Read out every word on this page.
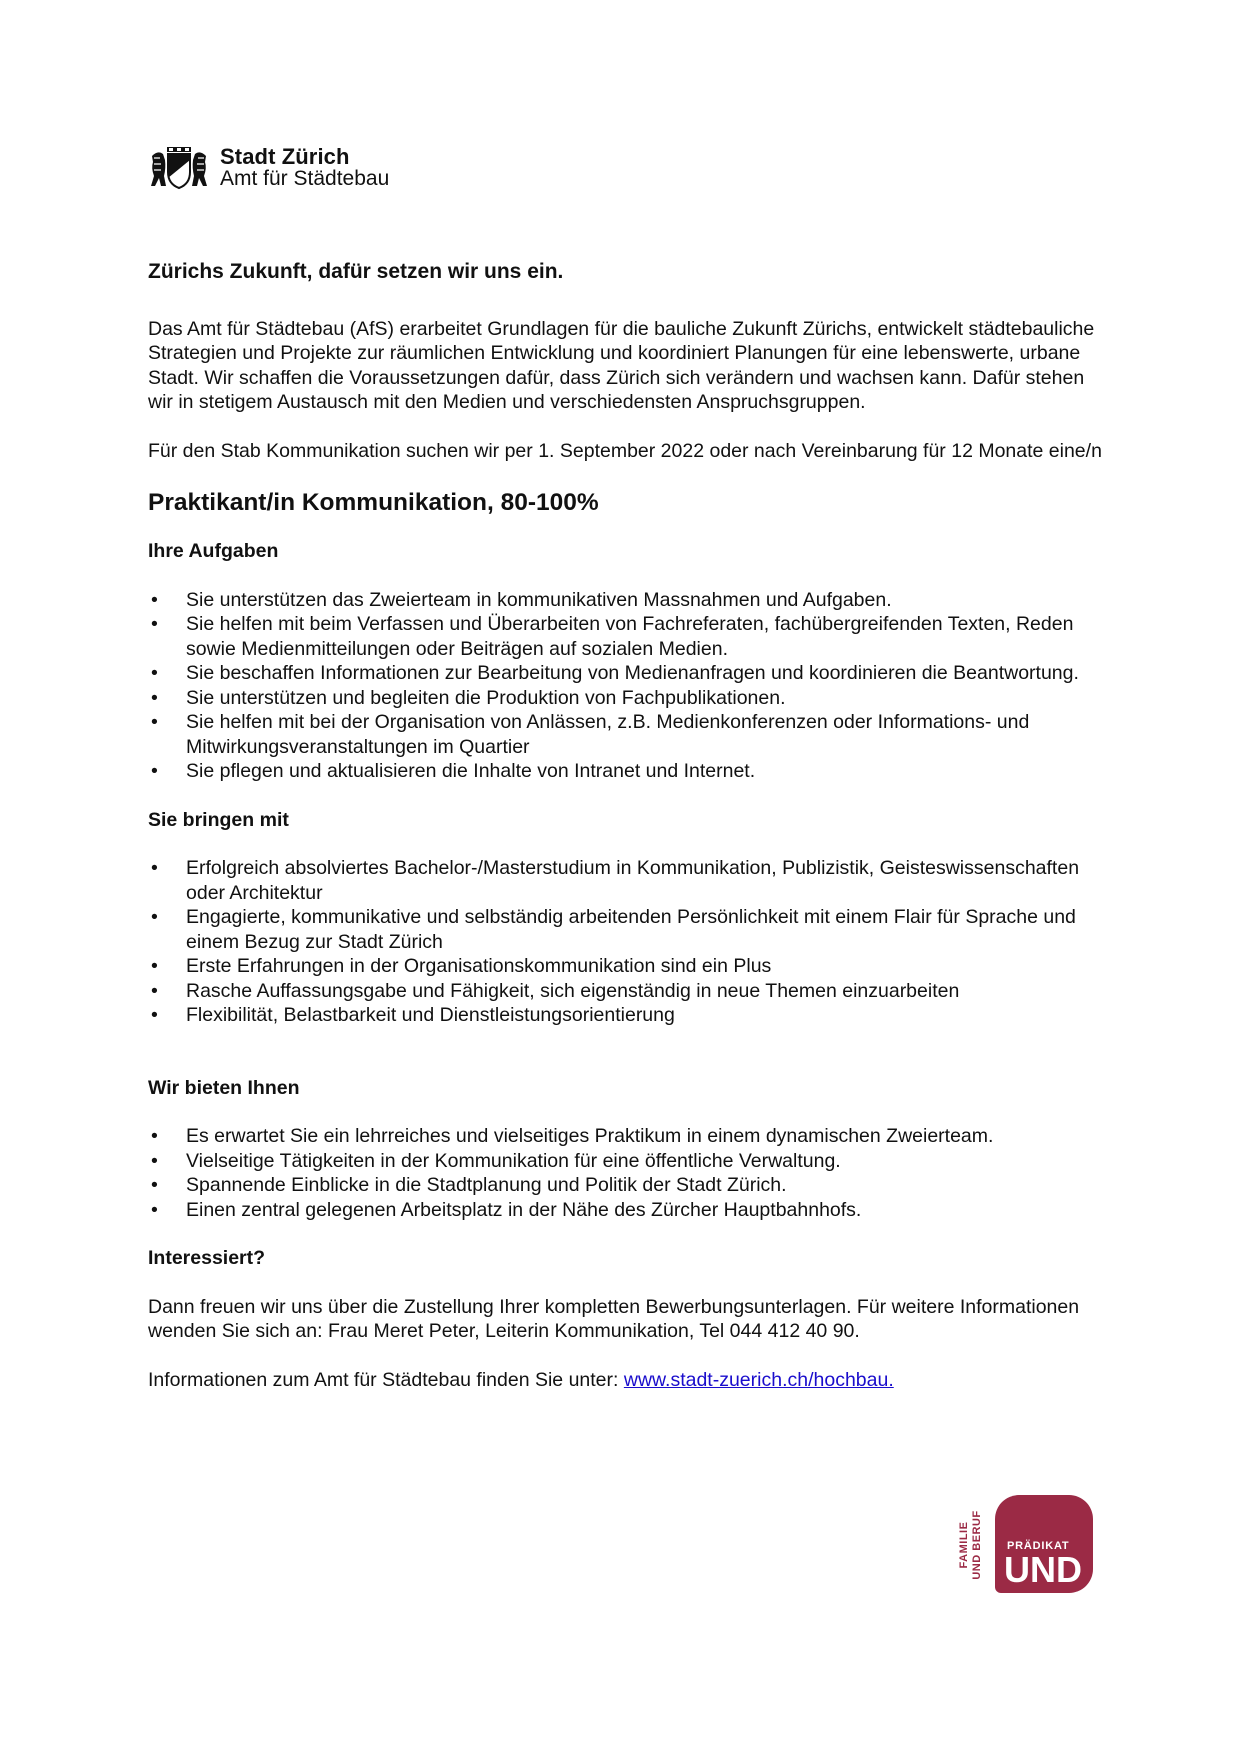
Stadt Zürich
Amt für Städtebau
Zürichs Zukunft, dafür setzen wir uns ein.

Das Amt für Städtebau (AfS) erarbeitet Grundlagen für die bauliche Zukunft Zürichs, entwickelt städtebauliche Strategien und Projekte zur räumlichen Entwicklung und koordiniert Planungen für eine lebenswerte, urbane Stadt. Wir schaffen die Voraussetzungen dafür, dass Zürich sich verändern und wachsen kann. Dafür stehen wir in stetigem Austausch mit den Medien und verschiedensten Anspruchsgruppen.

Für den Stab Kommunikation suchen wir per 1. September 2022 oder nach Vereinbarung für 12 Monate eine/n

Praktikant/in Kommunikation, 80-100%
Ihre Aufgaben
• Sie unterstützen das Zweierteam in kommunikativen Massnahmen und Aufgaben.
• Sie helfen mit beim Verfassen und Überarbeiten von Fachreferaten, fachübergreifenden Texten, Reden sowie Medienmitteilungen oder Beiträgen auf sozialen Medien.
• Sie beschaffen Informationen zur Bearbeitung von Medienanfragen und koordinieren die Beantwortung.
• Sie unterstützen und begleiten die Produktion von Fachpublikationen.
• Sie helfen mit bei der Organisation von Anlässen, z.B. Medienkonferenzen oder Informations- und Mitwirkungsveranstaltungen im Quartier
• Sie pflegen und aktualisieren die Inhalte von Intranet und Internet.
Sie bringen mit
• Erfolgreich absolviertes Bachelor-/Masterstudium in Kommunikation, Publizistik, Geisteswissenschaften oder Architektur
• Engagierte, kommunikative und selbständig arbeitenden Persönlichkeit mit einem Flair für Sprache und einem Bezug zur Stadt Zürich
• Erste Erfahrungen in der Organisationskommunikation sind ein Plus
• Rasche Auffassungsgabe und Fähigkeit, sich eigenständig in neue Themen einzuarbeiten
• Flexibilität, Belastbarkeit und Dienstleistungsorientierung
Wir bieten Ihnen
• Es erwartet Sie ein lehrreiches und vielseitiges Praktikum in einem dynamischen Zweierteam.
• Vielseitige Tätigkeiten in der Kommunikation für eine öffentliche Verwaltung.
• Spannende Einblicke in die Stadtplanung und Politik der Stadt Zürich.
• Einen zentral gelegenen Arbeitsplatz in der Nähe des Zürcher Hauptbahnhofs.
Interessiert?

Dann freuen wir uns über die Zustellung Ihrer kompletten Bewerbungsunterlagen. Für weitere Informationen wenden Sie sich an: Frau Meret Peter, Leiterin Kommunikation, Tel 044 412 40 90.

Informationen zum Amt für Städtebau finden Sie unter: www.stadt-zuerich.ch/hochbau.

FAMILIE UND BERUF PRÄDIKAT
UND
